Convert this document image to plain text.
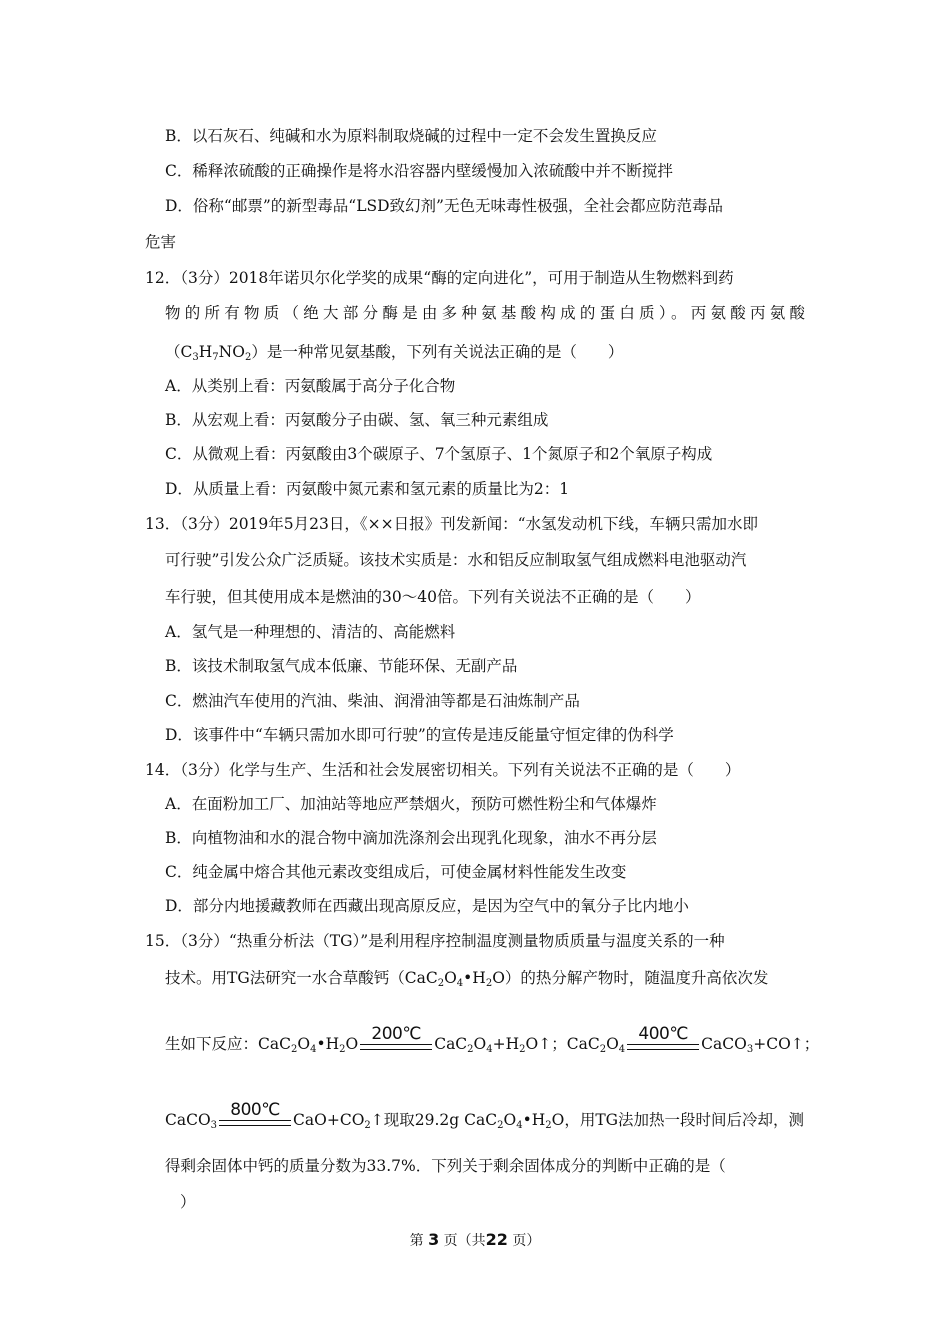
B．以石灰石、纯碱和水为原料制取烧碱的过程中一定不会发生置换反应
C．稀释浓硫酸的正确操作是将水沿容器内壁缓慢加入浓硫酸中并不断搅拌
D．俗称“邮票”的新型毒品“LSD致幻剂”无色无味毒性极强，全社会都应防范毒品
危害
12．（3分）2018年诺贝尔化学奖的成果“酶的定向进化”，可用于制造从生物燃料到药
物的所有物质（绝大部分酶是由多种氨基酸构成的蛋白质）。丙氨酸丙氨酸
$(C_3H_7NO_2)$是一种常见氨基酸，下列有关说法正确的是（　　）
A．从类别上看：丙氨酸属于高分子化合物
B．从宏观上看：丙氨酸分子由碳、氢、氧三种元素组成
C．从微观上看：丙氨酸由3个碳原子、7个氢原子、1个氮原子和2个氧原子构成
D．从质量上看：丙氨酸中氮元素和氢元素的质量比为2：1
13．（3分）2019年5月23日，《××日报》刊发新闻：“水氢发动机下线，车辆只需加水即
可行驶”引发公众广泛质疑。该技术实质是：水和铝反应制取氢气组成燃料电池驱动汽
车行驶，但其使用成本是燃油的30～40倍。下列有关说法不正确的是（　　）
A．氢气是一种理想的、清洁的、高能燃料
B．该技术制取氢气成本低廉、节能环保、无副产品
C．燃油汽车使用的汽油、柴油、润滑油等都是石油炼制产品
D．该事件中“车辆只需加水即可行驶”的宣传是违反能量守恒定律的伪科学
14．（3分）化学与生产、生活和社会发展密切相关。下列有关说法不正确的是（　　）
A．在面粉加工厂、加油站等地应严禁烟火，预防可燃性粉尘和气体爆炸
B．向植物油和水的混合物中滴加洗涤剂会出现乳化现象，油水不再分层
C．纯金属中熔合其他元素改变组成后，可使金属材料性能发生改变
D．部分内地援藏教师在西藏出现高原反应，是因为空气中的氧分子比内地小
15．（3分）“热重分析法（TG）”是利用程序控制温度测量物质质量与温度关系的一种
技术。用TG法研究一水合草酸钙$(CaC_2O_4•H_2O)$的热分解产物时，随温度升高依次发
生如下反应：$CaC_2O_4•H_2O$ 200℃ $CaC_2O_4+H_2O↑$；$CaC_2O_4$
400℃ CaCO$_3$+CO↑；
CaCO$_3$
800℃ $CaO+CO_2↑$现取29.2g $CaC_2O_4•H_2O$，用TG法加热一段时间后冷却，测
得剩余固体中钙的质量分数为33.7%．下列关于剩余固体成分的判断中正确的是（
）
第 3 页（共22 页）
